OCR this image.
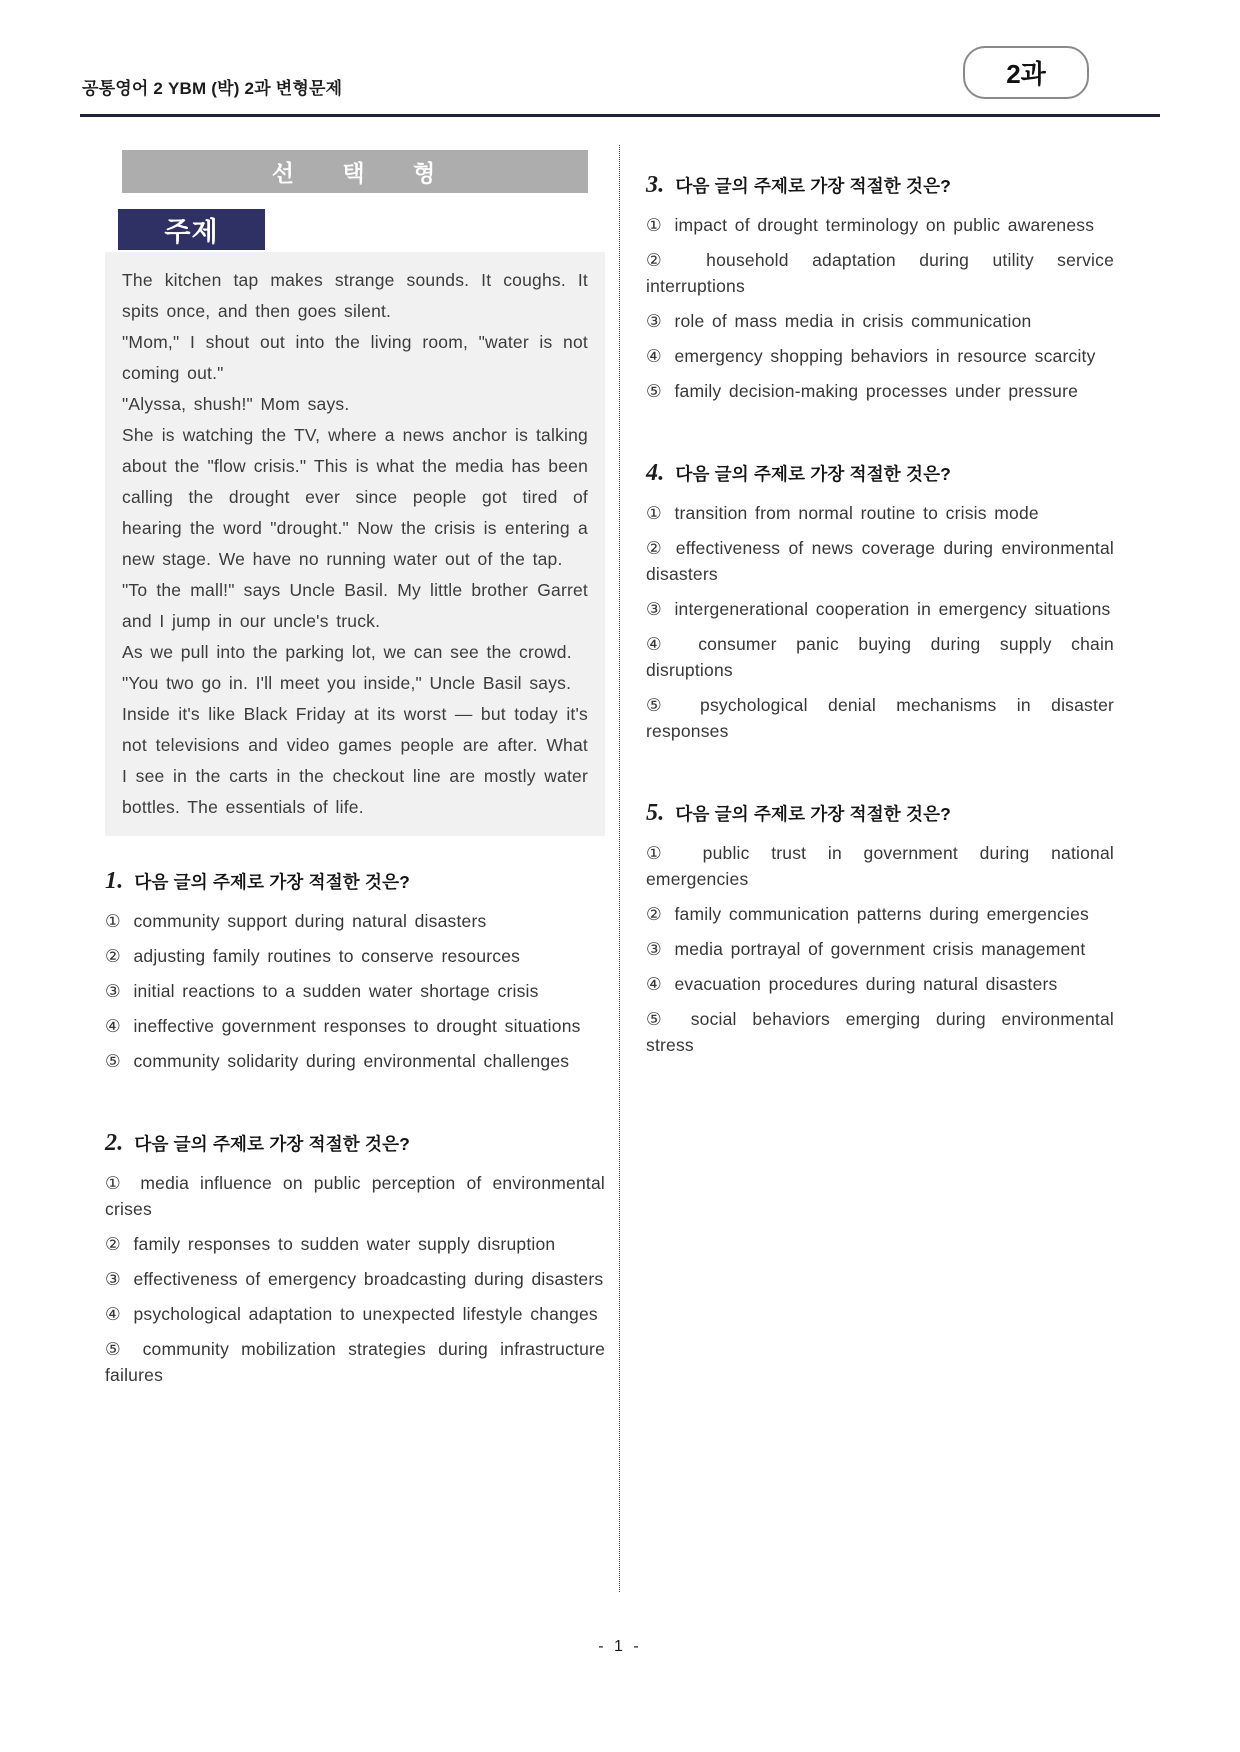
공통영어 2 YBM (박) 2과 변형문제	2과
선 택 형
주제

The kitchen tap makes strange sounds. It coughs. It spits once, and then goes silent.

"Mom," I shout out into the living room, "water is not coming out."

"Alyssa, shush!" Mom says.

She is watching the TV, where a news anchor is talking about the "flow crisis." This is what the media has been calling the drought ever since people got tired of hearing the word "drought." Now the crisis is entering a new stage. We have no running water out of the tap.

"To the mall!" says Uncle Basil. My little brother Garret and I jump in our uncle's truck.

As we pull into the parking lot, we can see the crowd.

"You two go in. I'll meet you inside," Uncle Basil says.

Inside it's like Black Friday at its worst — but today it's not televisions and video games people are after. What I see in the carts in the checkout line are mostly water bottles. The essentials of life.

1. 다음 글의 주제로 가장 적절한 것은?
① community support during natural disasters
② adjusting family routines to conserve resources
③ initial reactions to a sudden water shortage crisis
④ ineffective government responses to drought situations
⑤ community solidarity during environmental challenges
2. 다음 글의 주제로 가장 적절한 것은?
① media influence on public perception of environmental crises
② family responses to sudden water supply disruption
③ effectiveness of emergency broadcasting during disasters
④ psychological adaptation to unexpected lifestyle changes
⑤ community mobilization strategies during infrastructure failures
3. 다음 글의 주제로 가장 적절한 것은?
① impact of drought terminology on public awareness
② household adaptation during utility service interruptions
③ role of mass media in crisis communication
④ emergency shopping behaviors in resource scarcity
⑤ family decision-making processes under pressure
4. 다음 글의 주제로 가장 적절한 것은?
① transition from normal routine to crisis mode
② effectiveness of news coverage during environmental disasters
③ intergenerational cooperation in emergency situations
④ consumer panic buying during supply chain disruptions
⑤ psychological denial mechanisms in disaster responses
5. 다음 글의 주제로 가장 적절한 것은?
① public trust in government during national emergencies
② family communication patterns during emergencies
③ media portrayal of government crisis management
④ evacuation procedures during natural disasters
⑤ social behaviors emerging during environmental stress
- 1 -
